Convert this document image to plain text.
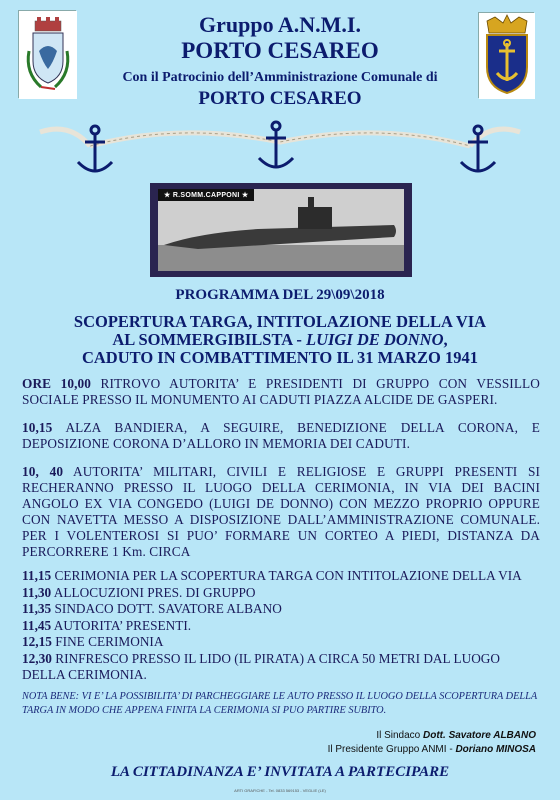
Gruppo A.N.M.I.
PORTO CESAREO
Con il Patrocinio dell’Amministrazione Comunale di
PORTO CESAREO
★ R.SOMM.CAPPONI ★
PROGRAMMA DEL 29\09\2018
SCOPERTURA TARGA, INTITOLAZIONE DELLA VIA
AL SOMMERGIBILSTA - LUIGI DE DONNO,
CADUTO IN COMBATTIMENTO IL 31 MARZO 1941
ORE 10,00 RITROVO AUTORITA’ E PRESIDENTI DI GRUPPO CON VESSILLO SOCIALE PRESSO IL MONUMENTO AI CADUTI PIAZZA ALCIDE DE GASPERI.
10,15 ALZA BANDIERA, A SEGUIRE, BENEDIZIONE DELLA CORONA, E DEPOSIZIONE CORONA D’ALLORO IN MEMORIA DEI CADUTI.
10, 40 AUTORITA’ MILITARI, CIVILI E RELIGIOSE E GRUPPI PRESENTI SI RECHERANNO PRESSO IL LUOGO DELLA CERIMONIA, IN VIA DEI BACINI ANGOLO EX VIA CONGEDO (LUIGI DE DONNO) CON MEZZO PROPRIO OPPURE CON NAVETTA MESSO A DISPOSIZIONE DALL’AMMINISTRAZIONE COMUNALE. PER I VOLENTEROSI SI PUO’ FORMARE UN CORTEO A PIEDI, DISTANZA DA PERCORRERE 1 Km. CIRCA
11,15 CERIMONIA PER LA SCOPERTURA TARGA CON INTITOLAZIONE DELLA VIA
11,30 ALLOCUZIONI PRES. DI GRUPPO
11,35 SINDACO DOTT. SAVATORE ALBANO
11,45 AUTORITA’ PRESENTI.
12,15 FINE CERIMONIA
12,30 RINFRESCO PRESSO IL LIDO (IL PIRATA) A CIRCA 50 METRI DAL LUOGO DELLA CERIMONIA.
NOTA BENE: VI E’ LA POSSIBILITA’ DI PARCHEGGIARE LE AUTO PRESSO IL LUOGO DELLA SCOPERTURA DELLA TARGA IN MODO CHE APPENA FINITA LA CERIMONIA SI PUO PARTIRE SUBITO.
Il Sindaco Dott. Savatore ALBANO
Il Presidente Gruppo ANMI - Doriano MINOSA
LA CITTADINANZA E’ INVITATA A PARTECIPARE
ARTI GRAFICHE - Tel. 0833 569153 - VEGLIE (LE)
